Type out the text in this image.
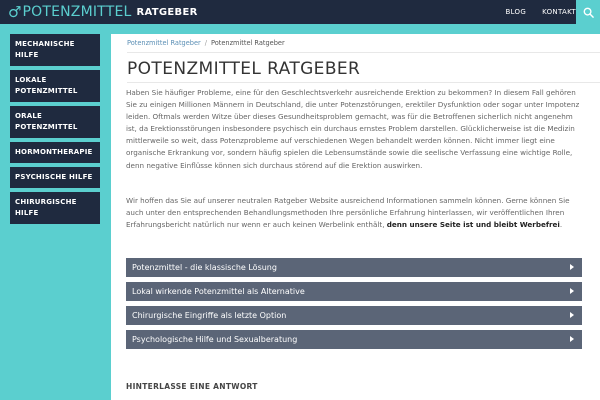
♂ POTENZMITTEL RATGEBER	BLOG KONTAKT
MECHANISCHE HILFE
LOKALE
POTENZMITTEL
ORALE
POTENZMITTEL
HORMONTHERAPIE
PSYCHISCHE HILFE
CHIRURGISCHE HILFE
Potenzmittel Ratgeber / Potenzmittel Ratgeber
POTENZMITTEL RATGEBER

Haben Sie häufiger Probleme, eine für den Geschlechtsverkehr ausreichende Erektion zu bekommen? In diesem Fall gehören Sie zu einigen Millionen Männern in Deutschland, die unter Potenzstörungen, erektiler Dysfunktion oder sogar unter Impotenz leiden. Oftmals werden Witze über dieses Gesundheitsproblem gemacht, was für die Betroffenen sicherlich nicht angenehm ist, da Erektionsstörungen insbesondere psychisch ein durchaus ernstes Problem darstellen. Glücklicherweise ist die Medizin mittlerweile so weit, dass Potenzprobleme auf verschiedenen Wegen behandelt werden können. Nicht immer liegt eine organische Erkrankung vor, sondern häufig spielen die Lebensumstände sowie die seelische Verfassung eine wichtige Rolle, denn negative Einflüsse können sich durchaus störend auf die Erektion auswirken.

Wir hoffen das Sie auf unserer neutralen Ratgeber Website ausreichend Informationen sammeln können. Gerne können Sie auch unter den entsprechenden Behandlungsmethoden Ihre persönliche Erfahrung hinterlassen, wir veröffentlichen Ihren Erfahrungsbericht natürlich nur wenn er auch keinen Werbelink enthält, denn unsere Seite ist und bleibt Werbefrei.

Potenzmittel - die klassische Lösung
Lokal wirkende Potenzmittel als Alternative
Chirurgische Eingriffe als letzte Option
Psychologische Hilfe und Sexualberatung
HINTERLASSE EINE ANTWORT
